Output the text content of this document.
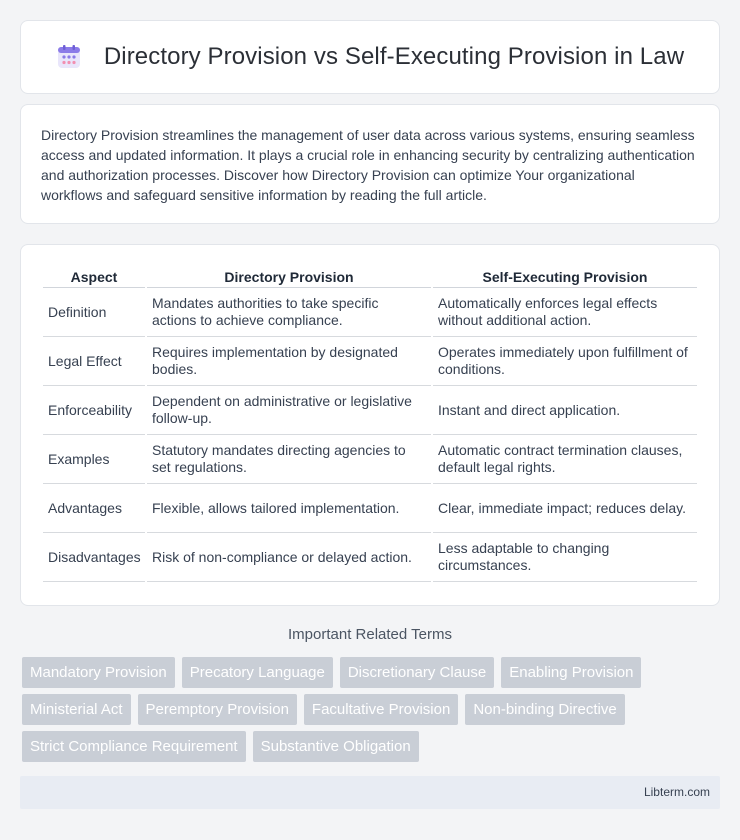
Directory Provision vs Self-Executing Provision in Law

Directory Provision streamlines the management of user data across various systems, ensuring seamless access and updated information. It plays a crucial role in enhancing security by centralizing authentication and authorization processes. Discover how Directory Provision can optimize Your organizational workflows and safeguard sensitive information by reading the full article.

Aspect	Directory Provision	Self-Executing Provision
Definition	Mandates authorities to take specific actions to achieve compliance.	Automatically enforces legal effects without additional action.
Legal Effect	Requires implementation by designated bodies.	Operates immediately upon fulfillment of conditions.
Enforceability	Dependent on administrative or legislative follow-up.	Instant and direct application.
Examples	Statutory mandates directing agencies to set regulations.	Automatic contract termination clauses, default legal rights.
Advantages	Flexible, allows tailored implementation.	Clear, immediate impact; reduces delay.
Disadvantages	Risk of non-compliance or delayed action.	Less adaptable to changing circumstances.
Important Related Terms
Mandatory Provision	Precatory Language	Discretionary Clause	Enabling Provision
Ministerial Act	Peremptory Provision	Facultative Provision	Non-binding Directive
Strict Compliance Requirement	Substantive Obligation
Libterm.com
